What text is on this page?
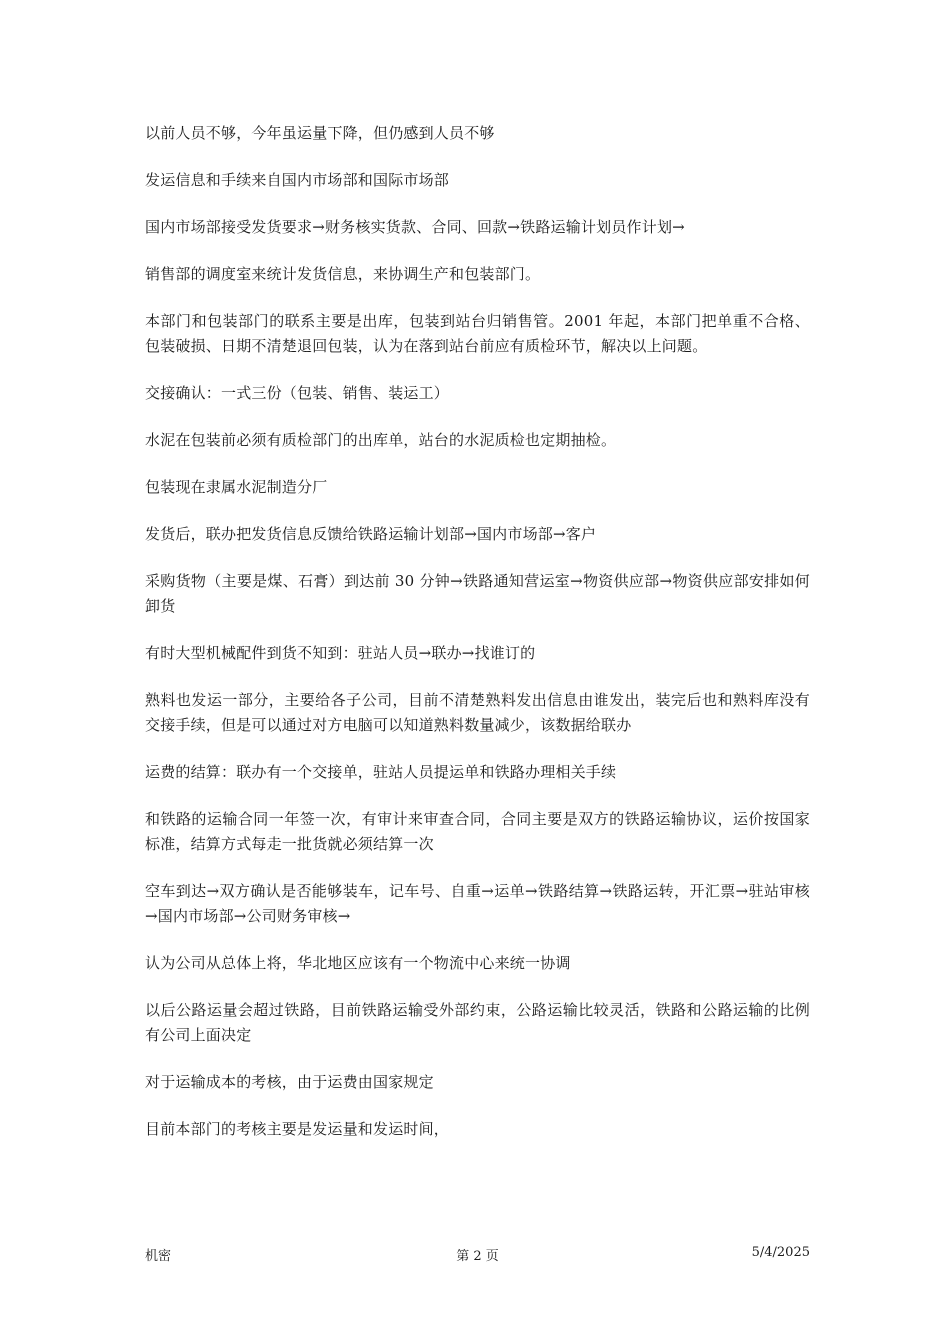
以前人员不够，今年虽运量下降，但仍感到人员不够

发运信息和手续来自国内市场部和国际市场部

国内市场部接受发货要求→财务核实货款、合同、回款→铁路运输计划员作计划→

销售部的调度室来统计发货信息，来协调生产和包装部门。

本部门和包装部门的联系主要是出库，包装到站台归销售管。2001 年起，本部门把单重不合格、包装破损、日期不清楚退回包装，认为在落到站台前应有质检环节，解决以上问题。

交接确认：一式三份（包装、销售、装运工）

水泥在包装前必须有质检部门的出库单，站台的水泥质检也定期抽检。

包装现在隶属水泥制造分厂

发货后，联办把发货信息反馈给铁路运输计划部→国内市场部→客户

采购货物（主要是煤、石膏）到达前 30 分钟→铁路通知营运室→物资供应部→物资供应部安排如何卸货

有时大型机械配件到货不知到：驻站人员→联办→找谁订的

熟料也发运一部分，主要给各子公司，目前不清楚熟料发出信息由谁发出，装完后也和熟料库没有交接手续，但是可以通过对方电脑可以知道熟料数量减少，该数据给联办

运费的结算：联办有一个交接单，驻站人员提运单和铁路办理相关手续

和铁路的运输合同一年签一次，有审计来审查合同，合同主要是双方的铁路运输协议，运价按国家标准，结算方式每走一批货就必须结算一次

空车到达→双方确认是否能够装车，记车号、自重→运单→铁路结算→铁路运转，开汇票→驻站审核→国内市场部→公司财务审核→

认为公司从总体上将，华北地区应该有一个物流中心来统一协调

以后公路运量会超过铁路，目前铁路运输受外部约束，公路运输比较灵活，铁路和公路运输的比例有公司上面决定

对于运输成本的考核，由于运费由国家规定

目前本部门的考核主要是发运量和发运时间，

机密	第 2 页	5/4/2025
